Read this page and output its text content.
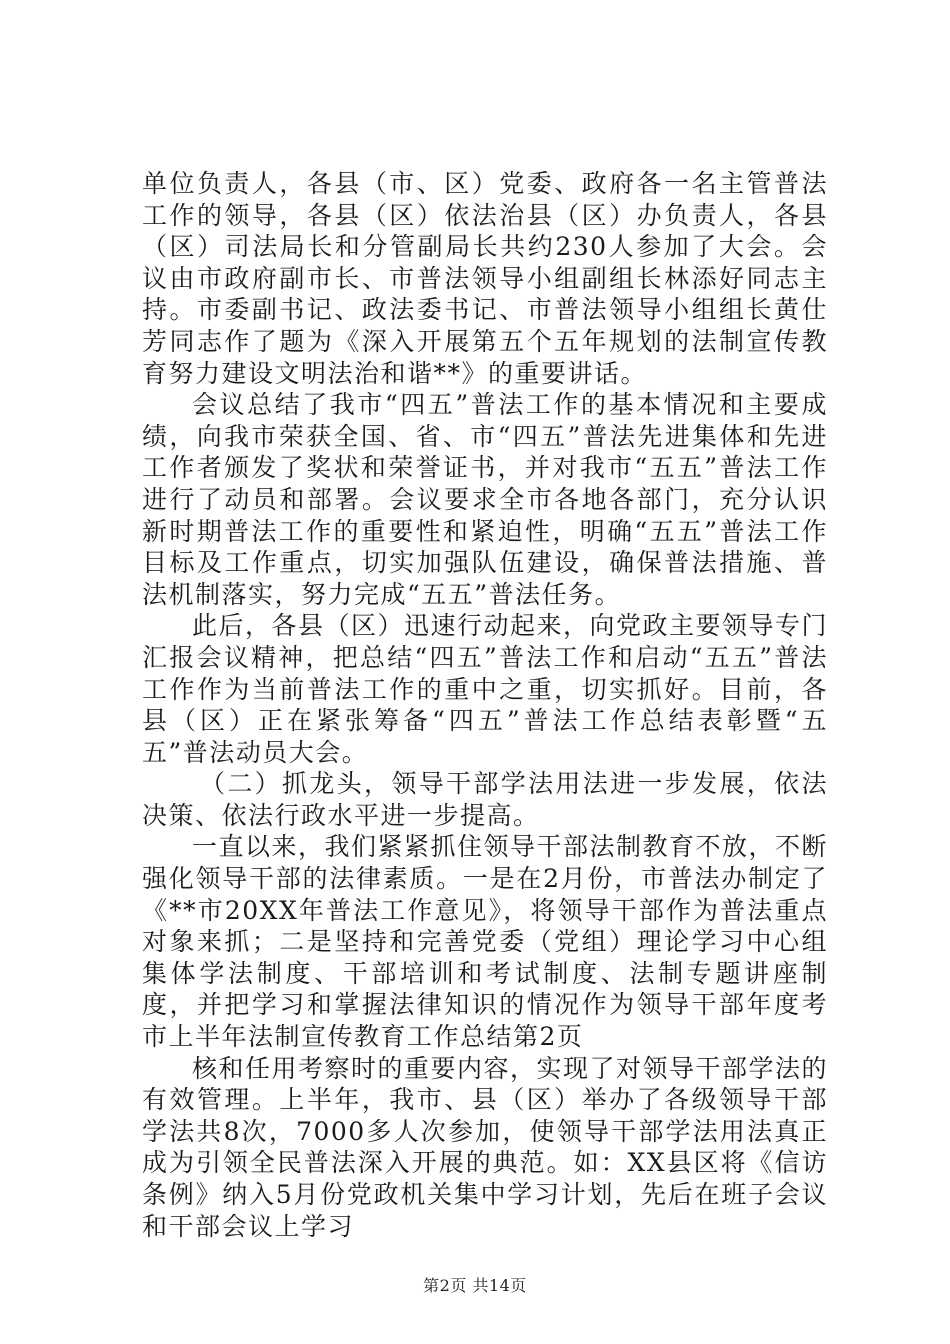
单位负责人，各县（市、区）党委、政府各一名主管普法工作的领导，各县（区）依法治县（区）办负责人，各县（区）司法局长和分管副局长共约230人参加了大会。会议由市政府副市长、市普法领导小组副组长林添好同志主持。市委副书记、政法委书记、市普法领导小组组长黄仕芳同志作了题为《深入开展第五个五年规划的法制宣传教育努力建设文明法治和谐**》的重要讲话。

会议总结了我市“四五”普法工作的基本情况和主要成绩，向我市荣获全国、省、市“四五”普法先进集体和先进工作者颁发了奖状和荣誉证书，并对我市“五五”普法工作进行了动员和部署。会议要求全市各地各部门，充分认识新时期普法工作的重要性和紧迫性，明确“五五”普法工作目标及工作重点，切实加强队伍建设，确保普法措施、普法机制落实，努力完成“五五”普法任务。

此后，各县（区）迅速行动起来，向党政主要领导专门汇报会议精神，把总结“四五”普法工作和启动“五五”普法工作作为当前普法工作的重中之重，切实抓好。目前，各县（区）正在紧张筹备“四五”普法工作总结表彰暨“五五”普法动员大会。

（二）抓龙头，领导干部学法用法进一步发展，依法决策、依法行政水平进一步提高。

一直以来，我们紧紧抓住领导干部法制教育不放，不断强化领导干部的法律素质。一是在2月份，市普法办制定了《**市20XX年普法工作意见》，将领导干部作为普法重点对象来抓；二是坚持和完善党委（党组）理论学习中心组集体学法制度、干部培训和考试制度、法制专题讲座制度，并把学习和掌握法律知识的情况作为领导干部年度考市上半年法制宣传教育工作总结第2页

核和任用考察时的重要内容，实现了对领导干部学法的有效管理。上半年，我市、县（区）举办了各级领导干部学法共8次，7000多人次参加，使领导干部学法用法真正成为引领全民普法深入开展的典范。如：XX县区将《信访条例》纳入5月份党政机关集中学习计划，先后在班子会议和干部会议上学习

第2页 共14页
